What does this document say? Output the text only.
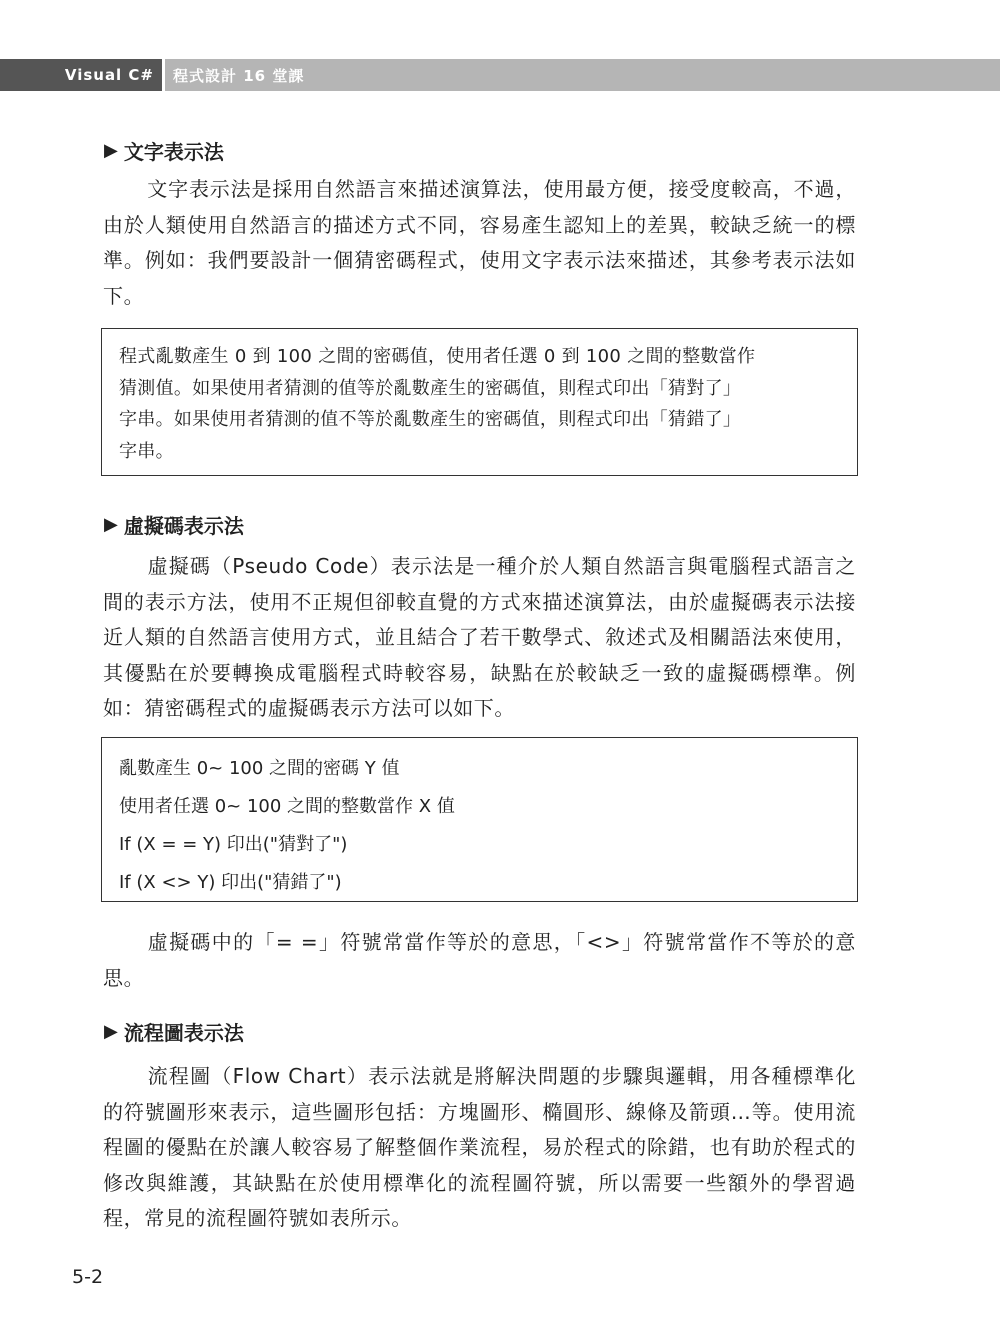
Visual C#	程式設計 16 堂課
▶ 文字表示法
文字表示法是採用自然語言來描述演算法，使用最方便，接受度較高，不過，由於人類使用自然語言的描述方式不同，容易產生認知上的差異，較缺乏統一的標準。例如：我們要設計一個猜密碼程式，使用文字表示法來描述，其參考表示法如下。
程式亂數產生 0 到 100 之間的密碼值，使用者任選 0 到 100 之間的整數當作
猜測值。如果使用者猜測的值等於亂數產生的密碼值，則程式印出「猜對了」
字串。如果使用者猜測的值不等於亂數產生的密碼值，則程式印出「猜錯了」
字串。
▶ 虛擬碼表示法
虛擬碼（Pseudo Code）表示法是一種介於人類自然語言與電腦程式語言之間的表示方法，使用不正規但卻較直覺的方式來描述演算法，由於虛擬碼表示法接近人類的自然語言使用方式，並且結合了若干數學式、敘述式及相關語法來使用，其優點在於要轉換成電腦程式時較容易，缺點在於較缺乏一致的虛擬碼標準。例如：猜密碼程式的虛擬碼表示方法可以如下。
亂數產生 0~ 100 之間的密碼 Y 值
使用者任選 0~ 100 之間的整數當作 X 值
If (X = = Y) 印出("猜對了")
If (X <> Y) 印出("猜錯了")
虛擬碼中的「= =」符號常當作等於的意思，「<>」符號常當作不等於的意思。
▶ 流程圖表示法
流程圖（Flow Chart）表示法就是將解決問題的步驟與邏輯，用各種標準化的符號圖形來表示，這些圖形包括：方塊圖形、橢圓形、線條及箭頭…等。使用流程圖的優點在於讓人較容易了解整個作業流程，易於程式的除錯，也有助於程式的修改與維護，其缺點在於使用標準化的流程圖符號，所以需要一些額外的學習過程，常見的流程圖符號如表所示。
5-2
